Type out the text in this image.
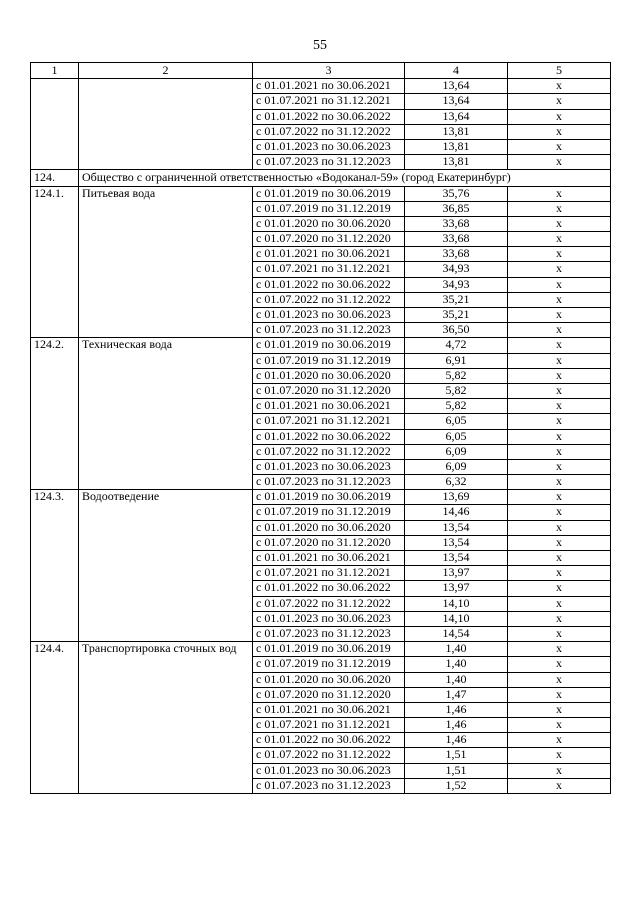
55
1	2	3	4	5
		с 01.01.2021 по 30.06.2021	13,64	x
		с 01.07.2021 по 31.12.2021	13,64	x
		с 01.01.2022 по 30.06.2022	13,64	x
		с 01.07.2022 по 31.12.2022	13,81	x
		с 01.01.2023 по 30.06.2023	13,81	x
		с 01.07.2023 по 31.12.2023	13,81	x
124.	Общество с ограниченной ответственностью «Водоканал-59» (город Екатеринбург)			
124.1.	Питьевая вода	с 01.01.2019 по 30.06.2019	35,76	x
		с 01.07.2019 по 31.12.2019	36,85	x
		с 01.01.2020 по 30.06.2020	33,68	x
		с 01.07.2020 по 31.12.2020	33,68	x
		с 01.01.2021 по 30.06.2021	33,68	x
		с 01.07.2021 по 31.12.2021	34,93	x
		с 01.01.2022 по 30.06.2022	34,93	x
		с 01.07.2022 по 31.12.2022	35,21	x
		с 01.01.2023 по 30.06.2023	35,21	x
		с 01.07.2023 по 31.12.2023	36,50	x
124.2.	Техническая вода	с 01.01.2019 по 30.06.2019	4,72	x
		с 01.07.2019 по 31.12.2019	6,91	x
		с 01.01.2020 по 30.06.2020	5,82	x
		с 01.07.2020 по 31.12.2020	5,82	x
		с 01.01.2021 по 30.06.2021	5,82	x
		с 01.07.2021 по 31.12.2021	6,05	x
		с 01.01.2022 по 30.06.2022	6,05	x
		с 01.07.2022 по 31.12.2022	6,09	x
		с 01.01.2023 по 30.06.2023	6,09	x
		с 01.07.2023 по 31.12.2023	6,32	x
124.3.	Водоотведение	с 01.01.2019 по 30.06.2019	13,69	x
		с 01.07.2019 по 31.12.2019	14,46	x
		с 01.01.2020 по 30.06.2020	13,54	x
		с 01.07.2020 по 31.12.2020	13,54	x
		с 01.01.2021 по 30.06.2021	13,54	x
		с 01.07.2021 по 31.12.2021	13,97	x
		с 01.01.2022 по 30.06.2022	13,97	x
		с 01.07.2022 по 31.12.2022	14,10	x
		с 01.01.2023 по 30.06.2023	14,10	x
		с 01.07.2023 по 31.12.2023	14,54	x
124.4.	Транспортировка сточных вод	с 01.01.2019 по 30.06.2019	1,40	x
		с 01.07.2019 по 31.12.2019	1,40	x
		с 01.01.2020 по 30.06.2020	1,40	x
		с 01.07.2020 по 31.12.2020	1,47	x
		с 01.01.2021 по 30.06.2021	1,46	x
		с 01.07.2021 по 31.12.2021	1,46	x
		с 01.01.2022 по 30.06.2022	1,46	x
		с 01.07.2022 по 31.12.2022	1,51	x
		с 01.01.2023 по 30.06.2023	1,51	x
		с 01.07.2023 по 31.12.2023	1,52	x
